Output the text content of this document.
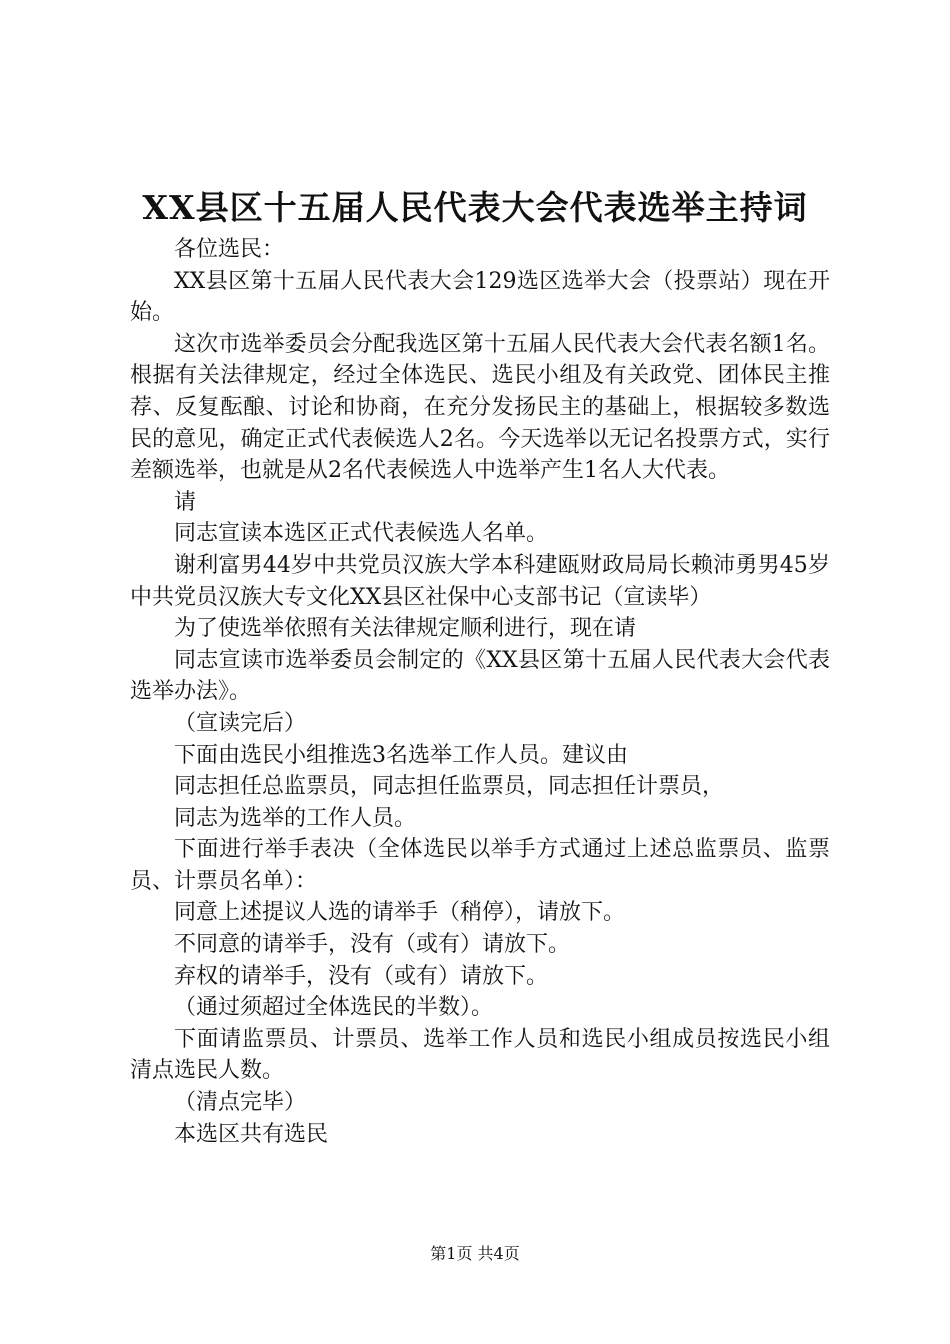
XX县区十五届人民代表大会代表选举主持词

各位选民：

XX县区第十五届人民代表大会129选区选举大会（投票站）现在开始。

这次市选举委员会分配我选区第十五届人民代表大会代表名额1名。根据有关法律规定，经过全体选民、选民小组及有关政党、团体民主推荐、反复酝酿、讨论和协商，在充分发扬民主的基础上，根据较多数选民的意见，确定正式代表候选人2名。今天选举以无记名投票方式，实行差额选举，也就是从2名代表候选人中选举产生1名人大代表。

请

同志宣读本选区正式代表候选人名单。

谢利富男44岁中共党员汉族大学本科建瓯财政局局长赖沛勇男45岁中共党员汉族大专文化XX县区社保中心支部书记（宣读毕）

为了使选举依照有关法律规定顺利进行，现在请

同志宣读市选举委员会制定的《XX县区第十五届人民代表大会代表选举办法》。

（宣读完后）

下面由选民小组推选3名选举工作人员。建议由

同志担任总监票员，同志担任监票员，同志担任计票员，

同志为选举的工作人员。

下面进行举手表决（全体选民以举手方式通过上述总监票员、监票员、计票员名单）：

同意上述提议人选的请举手（稍停），请放下。

不同意的请举手，没有（或有）请放下。

弃权的请举手，没有（或有）请放下。

（通过须超过全体选民的半数）。

下面请监票员、计票员、选举工作人员和选民小组成员按选民小组清点选民人数。

（清点完毕）

本选区共有选民

第1页 共4页
